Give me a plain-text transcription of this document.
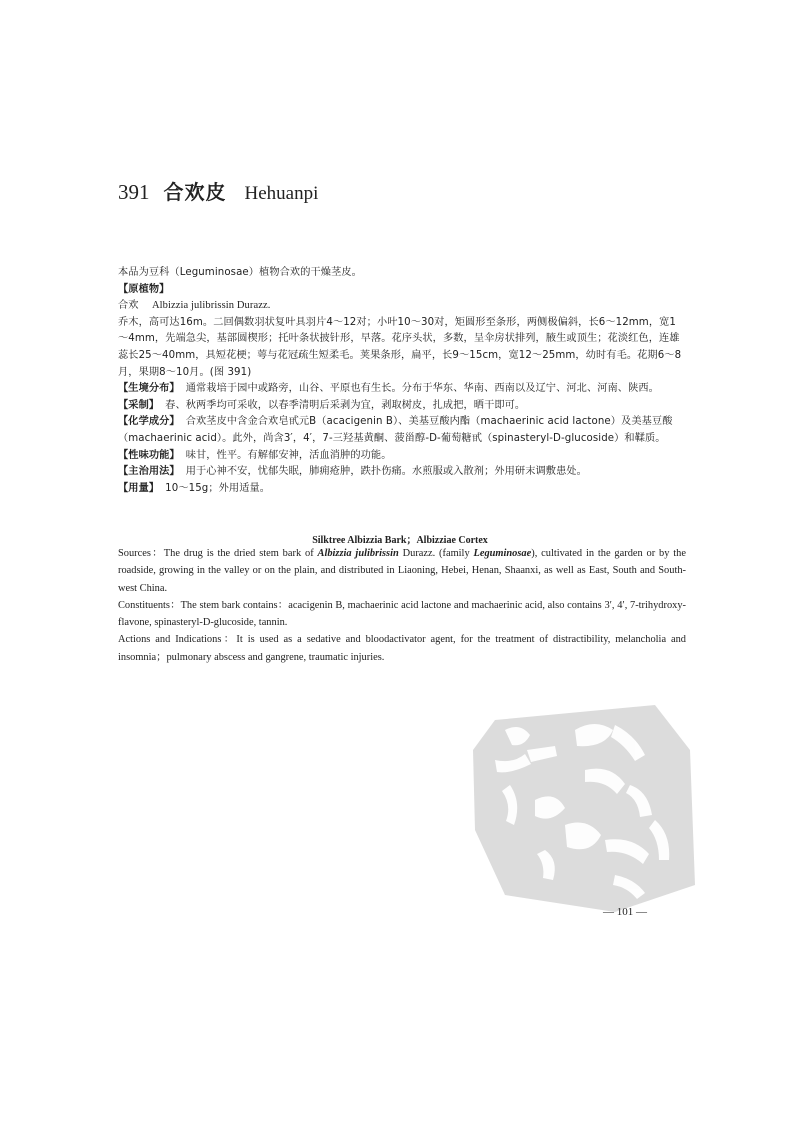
391 合欢皮 Hehuanpi

本品为豆科（Leguminosae）植物合欢的干燥茎皮。

【原植物】

合欢 Albizzia julibrissin Durazz.

乔木，高可达16m。二回偶数羽状复叶具羽片4～12对；小叶10～30对，矩圆形至条形，两侧极偏斜，长6～12mm，宽1～4mm，先端急尖，基部圆楔形；托叶条状披针形，早落。花序头状，多数，呈伞房状排列，腋生或顶生；花淡红色，连雄蕊长25～40mm，具短花梗；萼与花冠疏生短柔毛。荚果条形，扁平，长9～15cm，宽12～25mm，幼时有毛。花期6～8月，果期8～10月。(图 391)

【生境分布】 通常栽培于园中或路旁，山谷、平原也有生长。分布于华东、华南、西南以及辽宁、河北、河南、陕西。

【采制】 春、秋两季均可采收，以春季清明后采剥为宜，剥取树皮，扎成把，晒干即可。

【化学成分】 合欢茎皮中含金合欢皂甙元B（acacigenin B）、美基豆酸内酯（machaerinic acid lactone）及美基豆酸（machaerinic acid）。此外，尚含3′，4′，7-三羟基黄酮、菠甾醇-D-葡萄糖甙（spinasteryl-D-glucoside）和鞣质。

【性味功能】 味甘，性平。有解郁安神，活血消肿的功能。

【主治用法】 用于心神不安，忧郁失眠，肺痈疮肿，跌扑伤痛。水煎服或入散剂；外用研末调敷患处。

【用量】 10～15g；外用适量。

Silktree Albizzia Bark；Albizziae Cortex

Sources：The drug is the dried stem bark of Albizzia julibrissin Durazz. (family Leguminosae), cultivated in the garden or by the roadside, growing in the valley or on the plain, and distributed in Liaoning, Hebei, Henan, Shaanxi, as well as East, South and South-west China.

Constituents：The stem bark contains：acacigenin B, machaerinic acid lactone and machaerinic acid, also contains 3′, 4′, 7-trihydroxy-flavone, spinasteryl-D-glucoside, tannin.

Actions and Indications：It is used as a sedative and bloodactivator agent, for the treatment of distractibility, melancholia and insomnia；pulmonary abscess and gangrene, traumatic injuries.

— 101 —
